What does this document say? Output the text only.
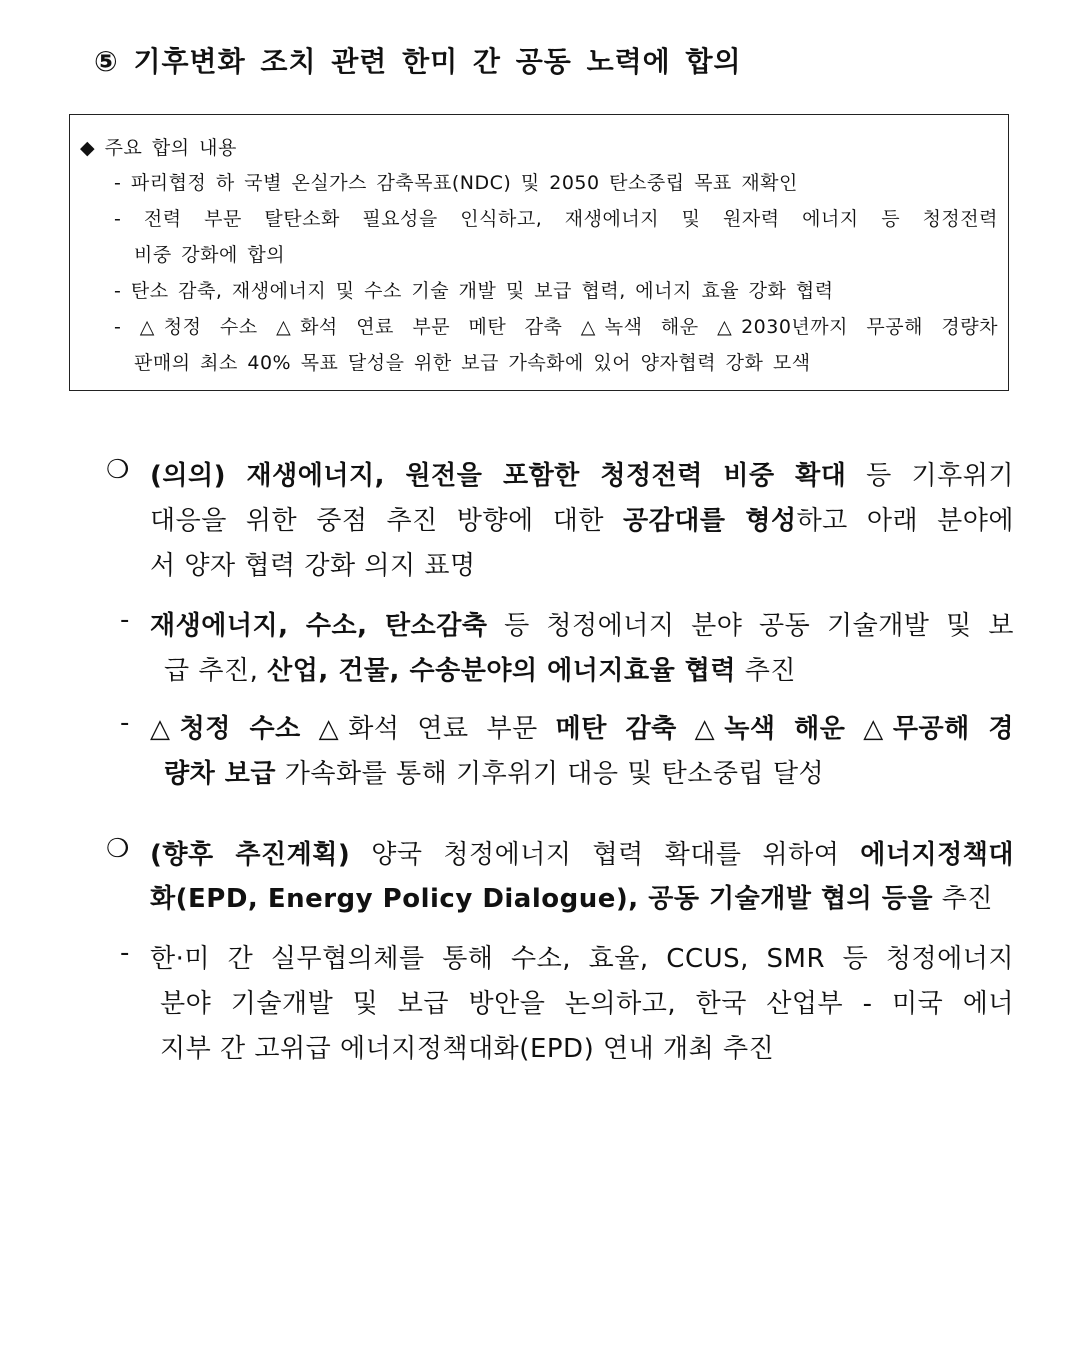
⑤ 기후변화 조치 관련 한미 간 공동 노력에 합의
◆ 주요 합의 내용
- 파리협정 하 국별 온실가스 감축목표(NDC) 및 2050 탄소중립 목표 재확인
- 전력 부문 탈탄소화 필요성을 인식하고, 재생에너지 및 원자력 에너지 등 청정전력
비중 강화에 합의
- 탄소 감축, 재생에너지 및 수소 기술 개발 및 보급 협력, 에너지 효율 강화 협력
- △청정 수소 △화석 연료 부문 메탄 감축 △녹색 해운 △2030년까지 무공해 경량차
판매의 최소 40% 목표 달성을 위한 보급 가속화에 있어 양자협력 강화 모색
❍ (의의) 재생에너지, 원전을 포함한 청정전력 비중 확대 등 기후위기
대응을 위한 중점 추진 방향에 대한 공감대를 형성하고 아래 분야에
서 양자 협력 강화 의지 표명
- 재생에너지, 수소, 탄소감축 등 청정에너지 분야 공동 기술개발 및 보
급 추진, 산업, 건물, 수송분야의 에너지효율 협력 추진
- △청정 수소 △화석 연료 부문 메탄 감축 △녹색 해운 △무공해 경
량차 보급 가속화를 통해 기후위기 대응 및 탄소중립 달성
❍ (향후 추진계획) 양국 청정에너지 협력 확대를 위하여 에너지정책대
화(EPD, Energy Policy Dialogue), 공동 기술개발 협의 등을 추진
- 한·미 간 실무협의체를 통해 수소, 효율, CCUS, SMR 등 청정에너지
분야 기술개발 및 보급 방안을 논의하고, 한국 산업부 - 미국 에너
지부 간 고위급 에너지정책대화(EPD) 연내 개최 추진
